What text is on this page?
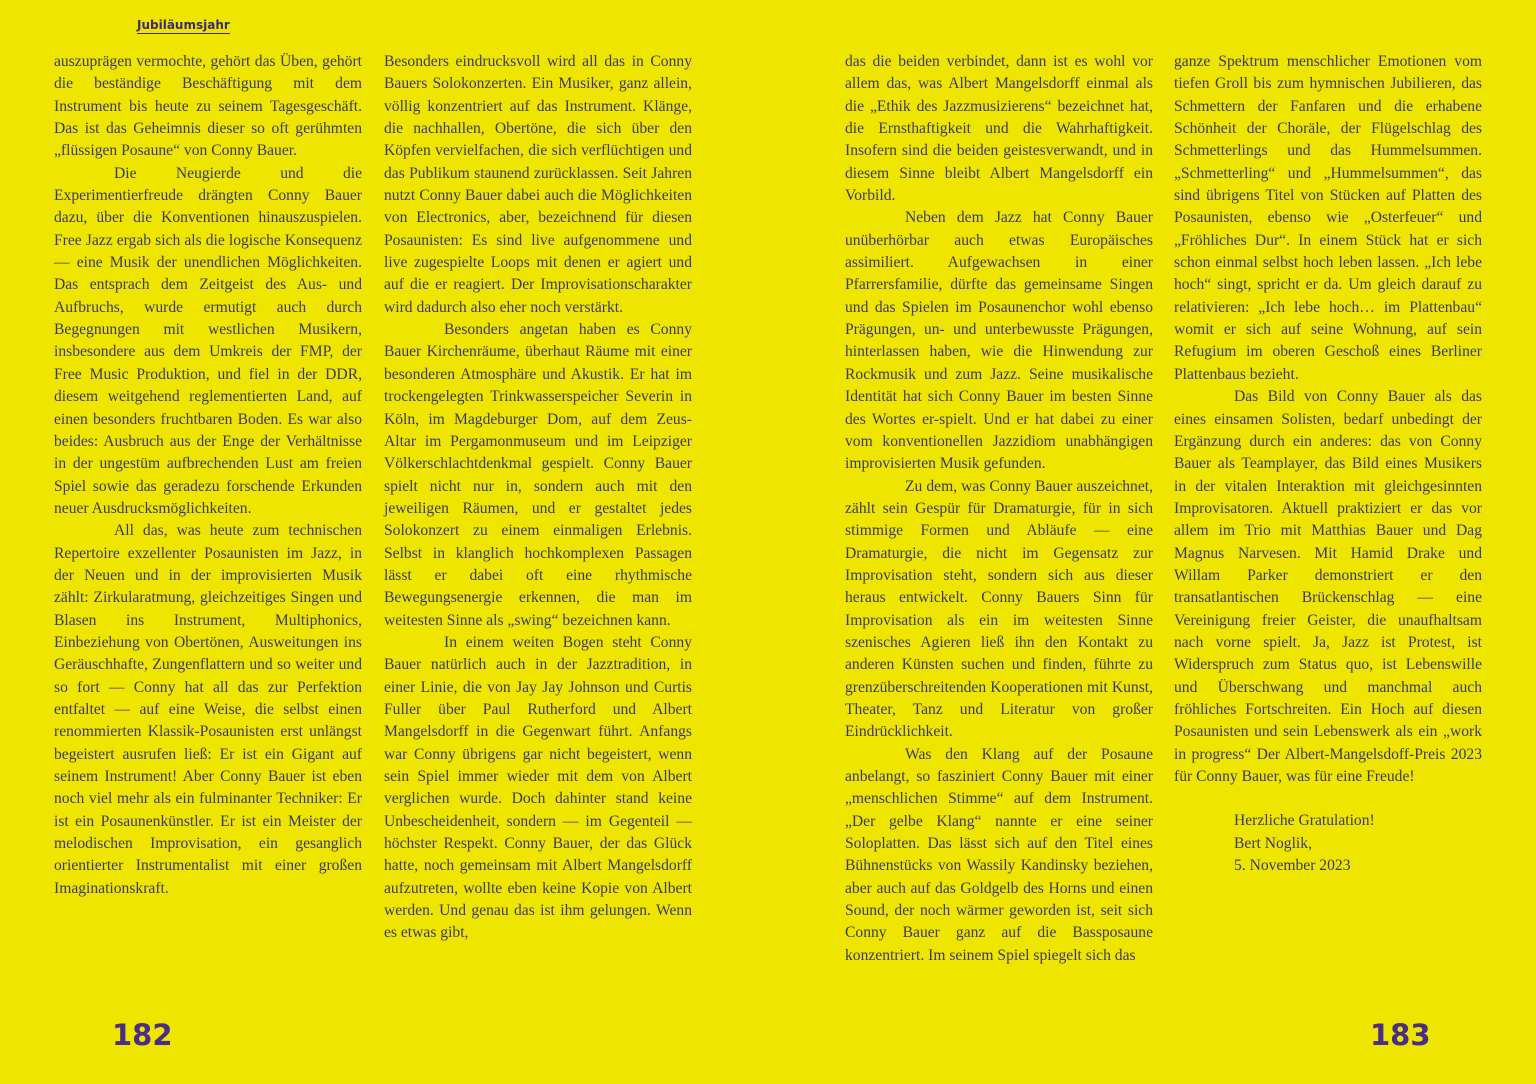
Jubiläumsjahr

auszuprägen vermochte, gehört das Üben, gehört die beständige Beschäftigung mit dem Instrument bis heute zu seinem Tagesgeschäft. Das ist das Geheimnis dieser so oft gerühmten „flüssigen Posaune“ von Conny Bauer.

Die Neugierde und die Experimentierfreude drängten Conny Bauer dazu, über die Konventionen hinauszuspielen. Free Jazz ergab sich als die logische Konsequenz — eine Musik der unendlichen Möglichkeiten. Das entsprach dem Zeitgeist des Aus- und Aufbruchs, wurde ermutigt auch durch Begegnungen mit westlichen Musikern, insbesondere aus dem Umkreis der FMP, der Free Music Produktion, und fiel in der DDR, diesem weitgehend reglementierten Land, auf einen besonders fruchtbaren Boden. Es war also beides: Ausbruch aus der Enge der Verhältnisse in der ungestüm aufbrechenden Lust am freien Spiel sowie das geradezu forschende Erkunden neuer Ausdrucksmöglichkeiten.

All das, was heute zum technischen Repertoire exzellenter Posaunisten im Jazz, in der Neuen und in der improvisierten Musik zählt: Zirkularatmung, gleichzeitiges Singen und Blasen ins Instrument, Multiphonics, Einbeziehung von Obertönen, Ausweitungen ins Geräuschhafte, Zungenflattern und so weiter und so fort — Conny hat all das zur Perfektion entfaltet — auf eine Weise, die selbst einen renommierten Klassik-Posaunisten erst unlängst begeistert ausrufen ließ: Er ist ein Gigant auf seinem Instrument! Aber Conny Bauer ist eben noch viel mehr als ein fulminanter Techniker: Er ist ein Posaunenkünstler. Er ist ein Meister der melodischen Improvisation, ein gesanglich orientierter Instrumentalist mit einer großen Imaginationskraft.

Besonders eindrucksvoll wird all das in Conny Bauers Solokonzerten. Ein Musiker, ganz allein, völlig konzentriert auf das Instrument. Klänge, die nachhallen, Obertöne, die sich über den Köpfen vervielfachen, die sich verflüchtigen und das Publikum staunend zurücklassen. Seit Jahren nutzt Conny Bauer dabei auch die Möglichkeiten von Electronics, aber, bezeichnend für diesen Posaunisten: Es sind live aufgenommene und live zugespielte Loops mit denen er agiert und auf die er reagiert. Der Improvisationscharakter wird dadurch also eher noch verstärkt.

Besonders angetan haben es Conny Bauer Kirchenräume, überhaut Räume mit einer besonderen Atmosphäre und Akustik. Er hat im trockengelegten Trinkwasserspeicher Severin in Köln, im Magdeburger Dom, auf dem Zeus-Altar im Pergamonmuseum und im Leipziger Völkerschlachtdenkmal gespielt. Conny Bauer spielt nicht nur in, sondern auch mit den jeweiligen Räumen, und er gestaltet jedes Solokonzert zu einem einmaligen Erlebnis. Selbst in klanglich hochkomplexen Passagen lässt er dabei oft eine rhythmische Bewegungsenergie erkennen, die man im weitesten Sinne als „swing“ bezeichnen kann.

In einem weiten Bogen steht Conny Bauer natürlich auch in der Jazztradition, in einer Linie, die von Jay Jay Johnson und Curtis Fuller über Paul Rutherford und Albert Mangelsdorff in die Gegenwart führt. Anfangs war Conny übrigens gar nicht begeistert, wenn sein Spiel immer wieder mit dem von Albert verglichen wurde. Doch dahinter stand keine Unbescheidenheit, sondern — im Gegenteil — höchster Respekt. Conny Bauer, der das Glück hatte, noch gemeinsam mit Albert Mangelsdorff aufzutreten, wollte eben keine Kopie von Albert werden. Und genau das ist ihm gelungen. Wenn es etwas gibt,

das die beiden verbindet, dann ist es wohl vor allem das, was Albert Mangelsdorff einmal als die „Ethik des Jazzmusizierens“ bezeichnet hat, die Ernsthaftigkeit und die Wahrhaftigkeit. Insofern sind die beiden geistesverwandt, und in diesem Sinne bleibt Albert Mangelsdorff ein Vorbild.

Neben dem Jazz hat Conny Bauer unüberhörbar auch etwas Europäisches assimiliert. Aufgewachsen in einer Pfarrersfamilie, dürfte das gemeinsame Singen und das Spielen im Posaunenchor wohl ebenso Prägungen, un- und unterbewusste Prägungen, hinterlassen haben, wie die Hinwendung zur Rockmusik und zum Jazz. Seine musikalische Identität hat sich Conny Bauer im besten Sinne des Wortes er-spielt. Und er hat dabei zu einer vom konventionellen Jazzidiom unabhängigen improvisierten Musik gefunden.

Zu dem, was Conny Bauer auszeichnet, zählt sein Gespür für Dramaturgie, für in sich stimmige Formen und Abläufe — eine Dramaturgie, die nicht im Gegensatz zur Improvisation steht, sondern sich aus dieser heraus entwickelt. Conny Bauers Sinn für Improvisation als ein im weitesten Sinne szenisches Agieren ließ ihn den Kontakt zu anderen Künsten suchen und finden, führte zu grenzüberschreitenden Kooperationen mit Kunst, Theater, Tanz und Literatur von großer Eindrücklichkeit.

Was den Klang auf der Posaune anbelangt, so fasziniert Conny Bauer mit einer „menschlichen Stimme“ auf dem Instrument. „Der gelbe Klang“ nannte er eine seiner Soloplatten. Das lässt sich auf den Titel eines Bühnenstücks von Wassily Kandinsky beziehen, aber auch auf das Goldgelb des Horns und einen Sound, der noch wärmer geworden ist, seit sich Conny Bauer ganz auf die Bassposaune konzentriert. Im seinem Spiel spiegelt sich das

ganze Spektrum menschlicher Emotionen vom tiefen Groll bis zum hymnischen Jubilieren, das Schmettern der Fanfaren und die erhabene Schönheit der Choräle, der Flügelschlag des Schmetterlings und das Hummelsummen. „Schmetterling“ und „Hummelsummen“, das sind übrigens Titel von Stücken auf Platten des Posaunisten, ebenso wie „Osterfeuer“ und „Fröhliches Dur“. In einem Stück hat er sich schon einmal selbst hoch leben lassen. „Ich lebe hoch“ singt, spricht er da. Um gleich darauf zu relativieren: „Ich lebe hoch… im Plattenbau“ womit er sich auf seine Wohnung, auf sein Refugium im oberen Geschoß eines Berliner Plattenbaus bezieht.

Das Bild von Conny Bauer als das eines einsamen Solisten, bedarf unbedingt der Ergänzung durch ein anderes: das von Conny Bauer als Teamplayer, das Bild eines Musikers in der vitalen Interaktion mit gleichgesinnten Improvisatoren. Aktuell praktiziert er das vor allem im Trio mit Matthias Bauer und Dag Magnus Narvesen. Mit Hamid Drake und Willam Parker demonstriert er den transatlantischen Brückenschlag — eine Vereinigung freier Geister, die unaufhaltsam nach vorne spielt. Ja, Jazz ist Protest, ist Widerspruch zum Status quo, ist Lebenswille und Überschwang und manchmal auch fröhliches Fortschreiten. Ein Hoch auf diesen Posaunisten und sein Lebenswerk als ein „work in progress“ Der Albert-Mangelsdoff-Preis 2023 für Conny Bauer, was für eine Freude!

Herzliche Gratulation!
Bert Noglik,
5. November 2023
182	183
